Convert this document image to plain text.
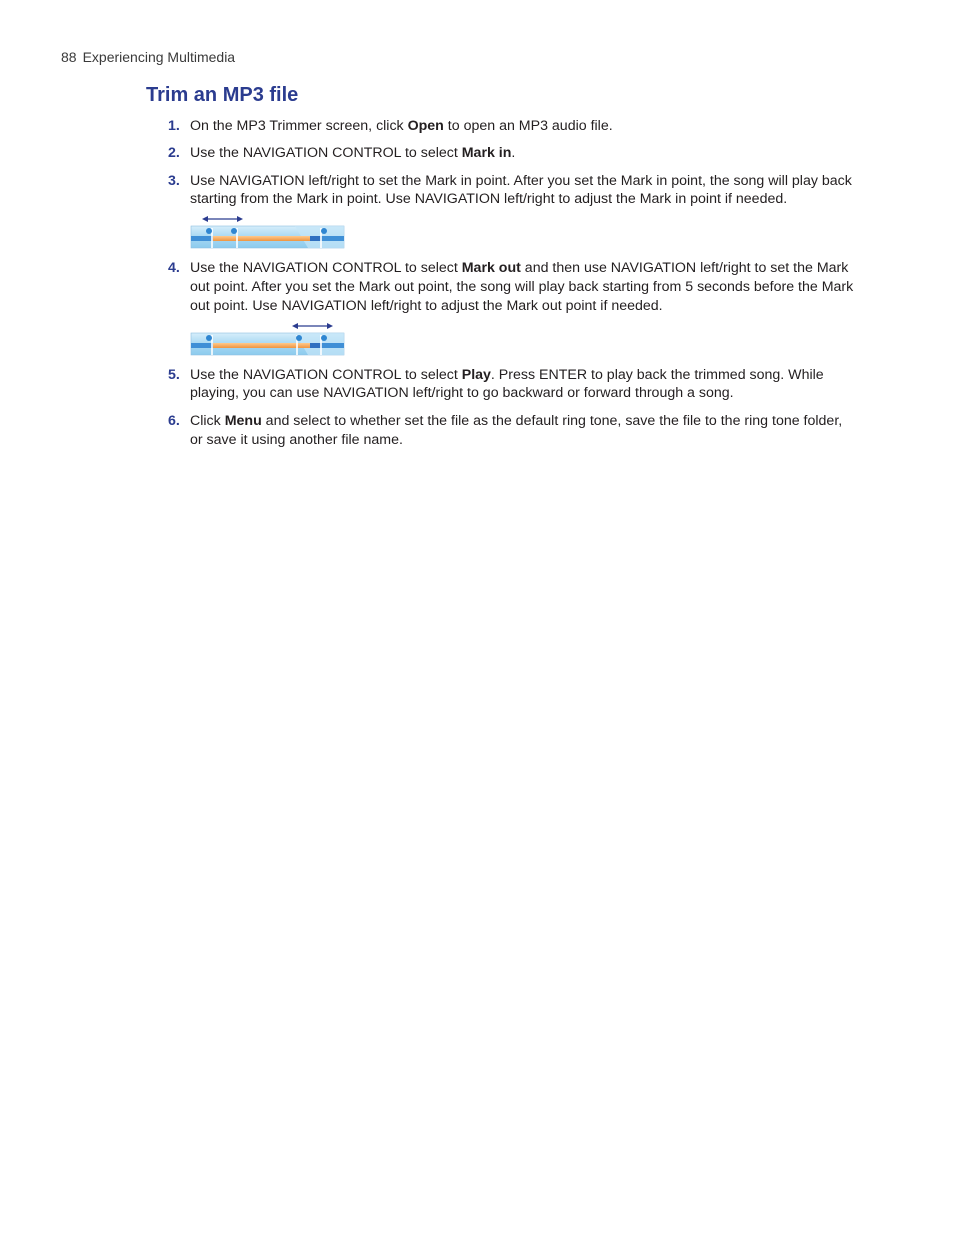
88 Experiencing Multimedia
Trim an MP3 file
1. On the MP3 Trimmer screen, click Open to open an MP3 audio file.
2. Use the NAVIGATION CONTROL to select Mark in.
3. Use NAVIGATION left/right to set the Mark in point. After you set the Mark in point, the song will play back starting from the Mark in point. Use NAVIGATION left/right to adjust the Mark in point if needed.
4. Use the NAVIGATION CONTROL to select Mark out and then use NAVIGATION left/right to set the Mark out point. After you set the Mark out point, the song will play back starting from 5 seconds before the Mark out point. Use NAVIGATION left/right to adjust the Mark out point if needed.
5. Use the NAVIGATION CONTROL to select Play. Press ENTER to play back the trimmed song. While playing, you can use NAVIGATION left/right to go backward or forward through a song.
6. Click Menu and select to whether set the file as the default ring tone, save the file to the ring tone folder, or save it using another file name.
